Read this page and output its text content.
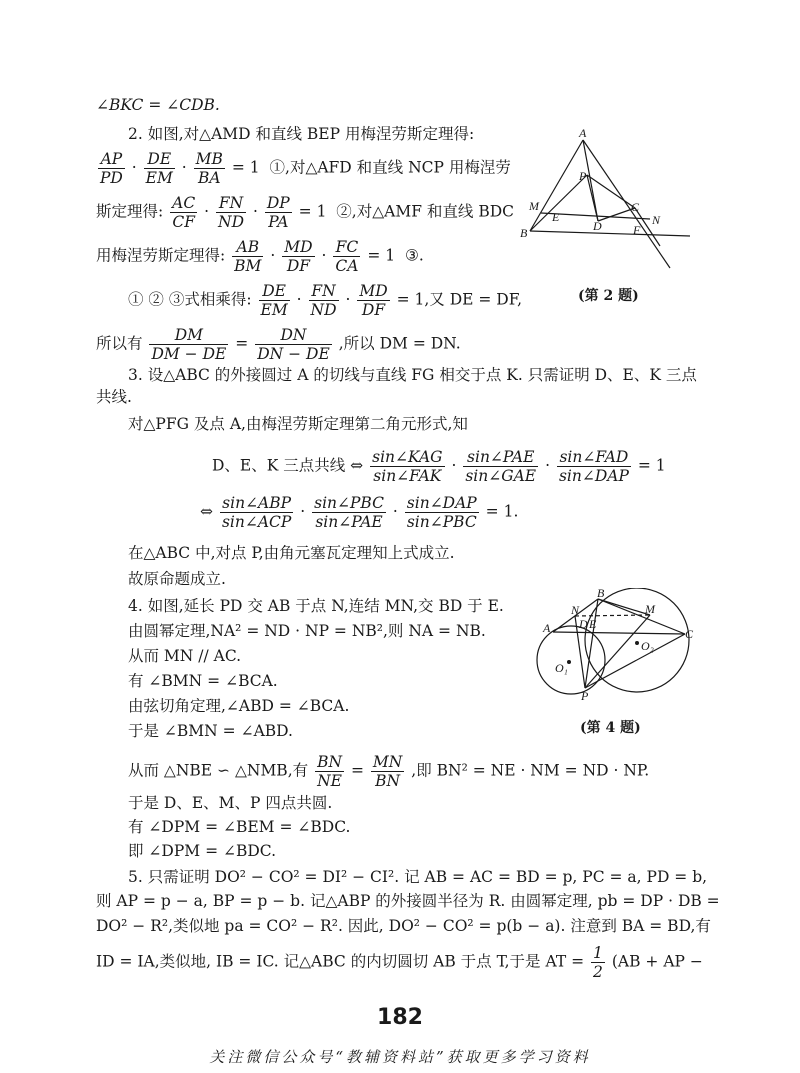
∠BKC = ∠CDB.
2. 如图,对△AMD 和直线 BEP 用梅涅劳斯定理得:
$\frac{AP}{PD} \cdot \frac{DE}{EM} \cdot \frac{MB}{BA} = 1$ ①,对△AFD 和直线 NCP 用梅涅劳
斯定理得: $\frac{AC}{CF} \cdot \frac{FN}{ND} \cdot \frac{DP}{PA} = 1$ ②,对△AMF 和直线 BDC
用梅涅劳斯定理得: $\frac{AB}{BM} \cdot \frac{MD}{DF} \cdot \frac{FC}{CA} = 1$ ③.
① ② ③式相乘得: $\frac{DE}{EM} \cdot \frac{FN}{ND} \cdot \frac{MD}{DF} = 1$,又 DE = DF,
所以有 $\frac{DM}{DM - DE} = \frac{DN}{DN - DE}$ ,所以 DM = DN.
A
P
M
E
C
N
B	D	F
(第 2 题)
3. 设△ABC 的外接圆过 A 的切线与直线 FG 相交于点 K. 只需证明 D、E、K 三点
共线.
对△PFG 及点 A,由梅涅劳斯定理第二角元形式,知
D、E、K 三点共线 ⇔ $\frac{\text{sin∠KAG}}{\text{sin∠FAK}} \cdot \frac{\text{sin∠PAE}}{\text{sin∠GAE}} \cdot \frac{\text{sin∠FAD}}{\text{sin∠DAP}} = 1$
⇔ $\frac{\text{sin∠ABP}}{\text{sin∠ACP}} \cdot \frac{\text{sin∠PBC}}{\text{sin∠PAE}} \cdot \frac{\text{sin∠DAP}}{\text{sin∠PBC}} = 1$.
在△ABC 中,对点 P,由角元塞瓦定理知上式成立.
故原命题成立.
4. 如图,延长 PD 交 AB 于点 N,连结 MN,交 BD 于 E.
由圆幂定理,NA² = ND · NP = NB²,则 NA = NB.
从而 MN // AC.
有 ∠BMN = ∠BCA.
由弦切角定理,∠ABD = ∠BCA.
于是 ∠BMN = ∠ABD.
从而 △NBE ∽ △NMB,有 $\frac{BN}{NE} = \frac{MN}{BN}$ ,即 BN² = NE · NM = ND · NP.
于是 D、E、M、P 四点共圆.
有 ∠DPM = ∠BEM = ∠BDC.
即 ∠DPM = ∠BDC.
B
N	M
A	E
D
C
O₂
O₁
P
(第 4 题)
5. 只需证明 DO² − CO² = DI² − CI². 记 AB = AC = BD = p, PC = a, PD = b,
则 AP = p − a, BP = p − b. 记△ABP 的外接圆半径为 R. 由圆幂定理, pb = DP · DB =
DO² − R²,类似地 pa = CO² − R². 因此, DO² − CO² = p(b − a). 注意到 BA = BD,有
ID = IA,类似地, IB = IC. 记△ABC 的内切圆切 AB 于点 T,于是 AT = $\frac{1}{2} (AB$ + AP −
182
关注微信公众号“教辅资料站”获取更多学习资料
